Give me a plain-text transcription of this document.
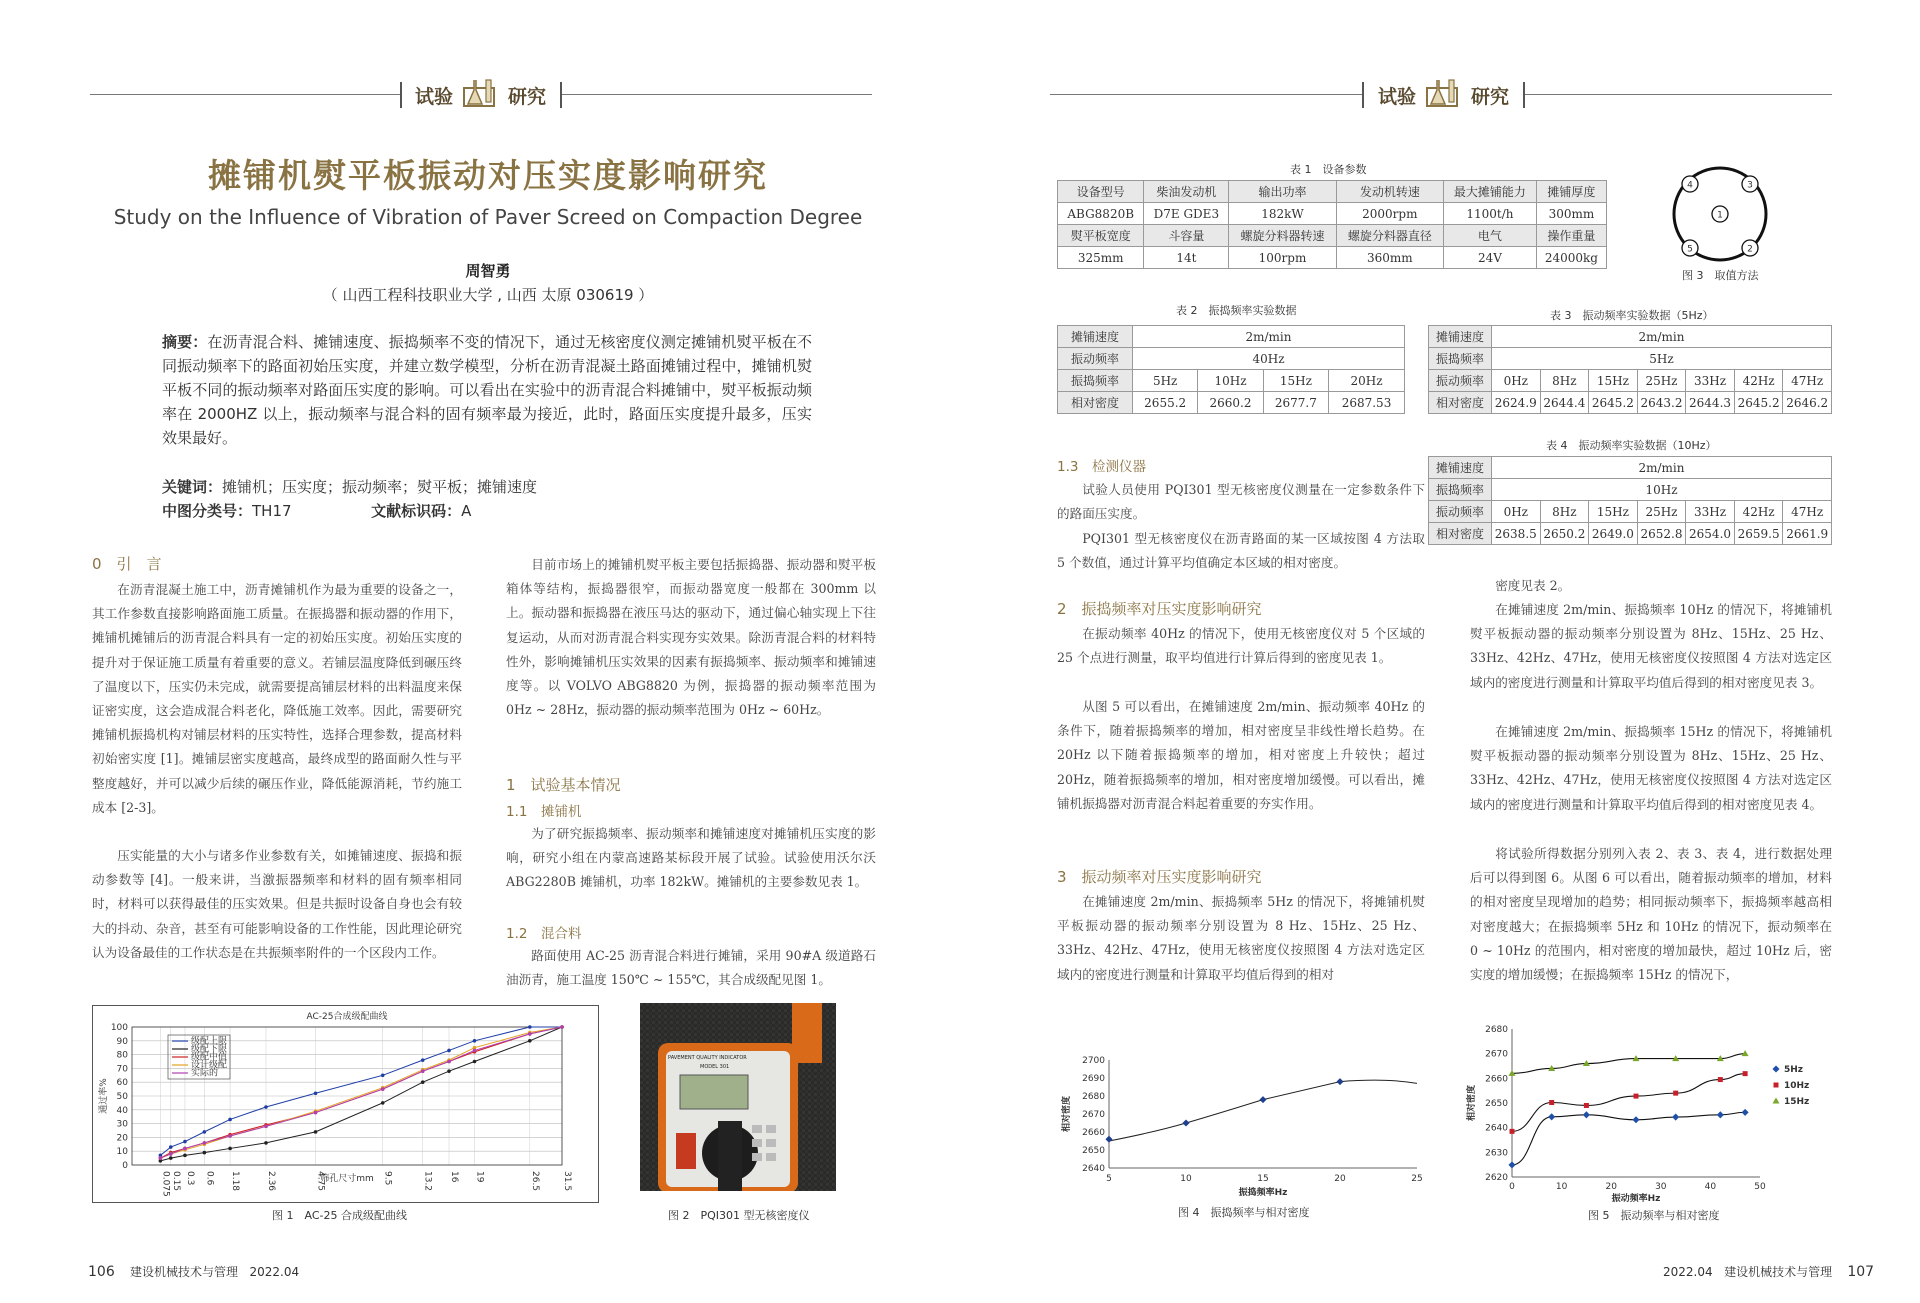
试验	研究	试验	研究
摊铺机熨平板振动对压实度影响研究
Study on the Influence of Vibration of Paver Screed on Compaction Degree
周智勇
（ 山西工程科技职业大学 , 山西 太原 030619 ）
摘要：在沥青混合料、摊铺速度、振捣频率不变的情况下，通过无核密度仪测定摊铺机熨平板在不同振动频率下的路面初始压实度，并建立数学模型，分析在沥青混凝土路面摊铺过程中，摊铺机熨平板不同的振动频率对路面压实度的影响。可以看出在实验中的沥青混合料摊铺中，熨平板振动频率在 2000HZ 以上，振动频率与混合料的固有频率最为接近，此时，路面压实度提升最多，压实效果最好。
关键词：摊铺机；压实度；振动频率；熨平板；摊铺速度
中图分类号：TH17	文献标识码：A
0　引　言

在沥青混凝土施工中，沥青摊铺机作为最为重要的设备之一，其工作参数直接影响路面施工质量。在振捣器和振动器的作用下，摊铺机摊铺后的沥青混合料具有一定的初始压实度。初始压实度的提升对于保证施工质量有着重要的意义。若铺层温度降低到碾压终了温度以下，压实仍未完成，就需要提高铺层材料的出料温度来保证密实度，这会造成混合料老化，降低施工效率。因此，需要研究摊铺机振捣机构对铺层材料的压实特性，选择合理参数，提高材料初始密实度 [1]。摊铺层密实度越高，最终成型的路面耐久性与平整度越好，并可以减少后续的碾压作业，降低能源消耗，节约施工成本 [2-3]。

压实能量的大小与诸多作业参数有关，如摊铺速度、振捣和振动参数等 [4]。一般来讲，当激振器频率和材料的固有频率相同时，材料可以获得最佳的压实效果。但是共振时设备自身也会有较大的抖动、杂音，甚至有可能影响设备的工作性能，因此理论研究认为设备最佳的工作状态是在共振频率附件的一个区段内工作。

目前市场上的摊铺机熨平板主要包括振捣器、振动器和熨平板箱体等结构，振捣器很窄，而振动器宽度一般都在 300mm 以上。振动器和振捣器在液压马达的驱动下，通过偏心轴实现上下往复运动，从而对沥青混合料实现夯实效果。除沥青混合料的材料特性外，影响摊铺机压实效果的因素有振捣频率、振动频率和摊铺速度等。以 VOLVO ABG8820 为例，振捣器的振动频率范围为 0Hz ~ 28Hz，振动器的振动频率范围为 0Hz ~ 60Hz。

1　试验基本情况
1.1　摊铺机

为了研究振捣频率、振动频率和摊铺速度对摊铺机压实度的影响，研究小组在内蒙高速路某标段开展了试验。试验使用沃尔沃 ABG2280B 摊铺机，功率 182kW。摊铺机的主要参数见表 1。

1.2　混合料

路面使用 AC-25 沥青混合料进行摊铺，采用 90#A 级道路石油沥青，施工温度 150℃ ~ 155℃，其合成级配见图 1。

AC-25合成级配曲线
0
10
20
30
40
50
60
70
80
90
100
0.075 0.15 0.3 0.6 1.18	2.36	4.75	9.5	13.2 16 19	26.5 31.5
筛孔尺寸mm
通过率%
级配上限
级配下限
级配中值
设计级配
实际的
图 1　AC-25 合成级配曲线
PAVEMENT QUALITY INDICATOR
MODEL 301
图 2　PQI301 型无核密度仪
表 1　设备参数
设备型号	柴油发动机	输出功率	发动机转速	最大摊铺能力	摊铺厚度
ABG8820B	D7E GDE3	182kW	2000rpm	1100t/h	300mm
熨平板宽度	斗容量	螺旋分料器转速	螺旋分料器直径	电气	操作重量
325mm	14t	100rpm	360mm	24V	24000kg
1
2
3
4
5
图 3　取值方法
表 2　振捣频率实验数据
摊铺速度	2m/min			
振动频率	40Hz			
振捣频率	5Hz	10Hz	15Hz	20Hz
相对密度	2655.2	2660.2	2677.7	2687.53
表 3　振动频率实验数据（5Hz）
摊铺速度	2m/min						
振捣频率	5Hz						
振动频率	0Hz	8Hz	15Hz	25Hz	33Hz	42Hz	47Hz
相对密度	2624.9	2644.4	2645.2	2643.2	2644.3	2645.2	2646.2
表 4　振动频率实验数据（10Hz）
摊铺速度	2m/min						
振捣频率	10Hz						
振动频率	0Hz	8Hz	15Hz	25Hz	33Hz	42Hz	47Hz
相对密度	2638.5	2650.2	2649.0	2652.8	2654.0	2659.5	2661.9
1.3　检测仪器

试验人员使用 PQI301 型无核密度仪测量在一定参数条件下的路面压实度。

PQI301 型无核密度仪在沥青路面的某一区域按图 4 方法取 5 个数值，通过计算平均值确定本区域的相对密度。

2　振捣频率对压实度影响研究

在振动频率 40Hz 的情况下，使用无核密度仪对 5 个区域的 25 个点进行测量，取平均值进行计算后得到的密度见表 1。

从图 5 可以看出，在摊铺速度 2m/min、振动频率 40Hz 的条件下，随着振捣频率的增加，相对密度呈非线性增长趋势。在 20Hz 以下随着振捣频率的增加，相对密度上升较快；超过 20Hz，随着振捣频率的增加，相对密度增加缓慢。可以看出，摊铺机振捣器对沥青混合料起着重要的夯实作用。

3　振动频率对压实度影响研究

在摊铺速度 2m/min、振捣频率 5Hz 的情况下，将摊铺机熨平板振动器的振动频率分别设置为 8 Hz、15Hz、25 Hz、33Hz、42Hz、47Hz，使用无核密度仪按照图 4 方法对选定区域内的密度进行测量和计算取平均值后得到的相对

密度见表 2。

在摊铺速度 2m/min、振捣频率 10Hz 的情况下，将摊铺机熨平板振动器的振动频率分别设置为 8Hz、15Hz、25 Hz、33Hz、42Hz、47Hz，使用无核密度仪按照图 4 方法对选定区域内的密度进行测量和计算取平均值后得到的相对密度见表 3。

在摊铺速度 2m/min、振捣频率 15Hz 的情况下，将摊铺机熨平板振动器的振动频率分别设置为 8Hz、15Hz、25 Hz、33Hz、42Hz、47Hz，使用无核密度仪按照图 4 方法对选定区域内的密度进行测量和计算取平均值后得到的相对密度见表 4。

将试验所得数据分别列入表 2、表 3、表 4，进行数据处理后可以得到图 6。从图 6 可以看出，随着振动频率的增加，材料的相对密度呈现增加的趋势；相同振动频率下，振捣频率越高相对密度越大；在振捣频率 5Hz 和 10Hz 的情况下，振动频率在 0 ~ 10Hz 的范围内，相对密度的增加最快，超过 10Hz 后，密实度的增加缓慢；在振捣频率 15Hz 的情况下，

2640
2650
2660
2670
2680
2690
2700
5	10	15	20	25
振捣频率Hz
相对密度
图 4　振捣频率与相对密度
2620
2630
2640
2650
2660
2670
2680
0	10	20	30	40	50
振动频率Hz
相对密度
5Hz
10Hz
15Hz
图 5　振动频率与相对密度
106 建设机械技术与管理 2022.04	2022.04 建设机械技术与管理 107
